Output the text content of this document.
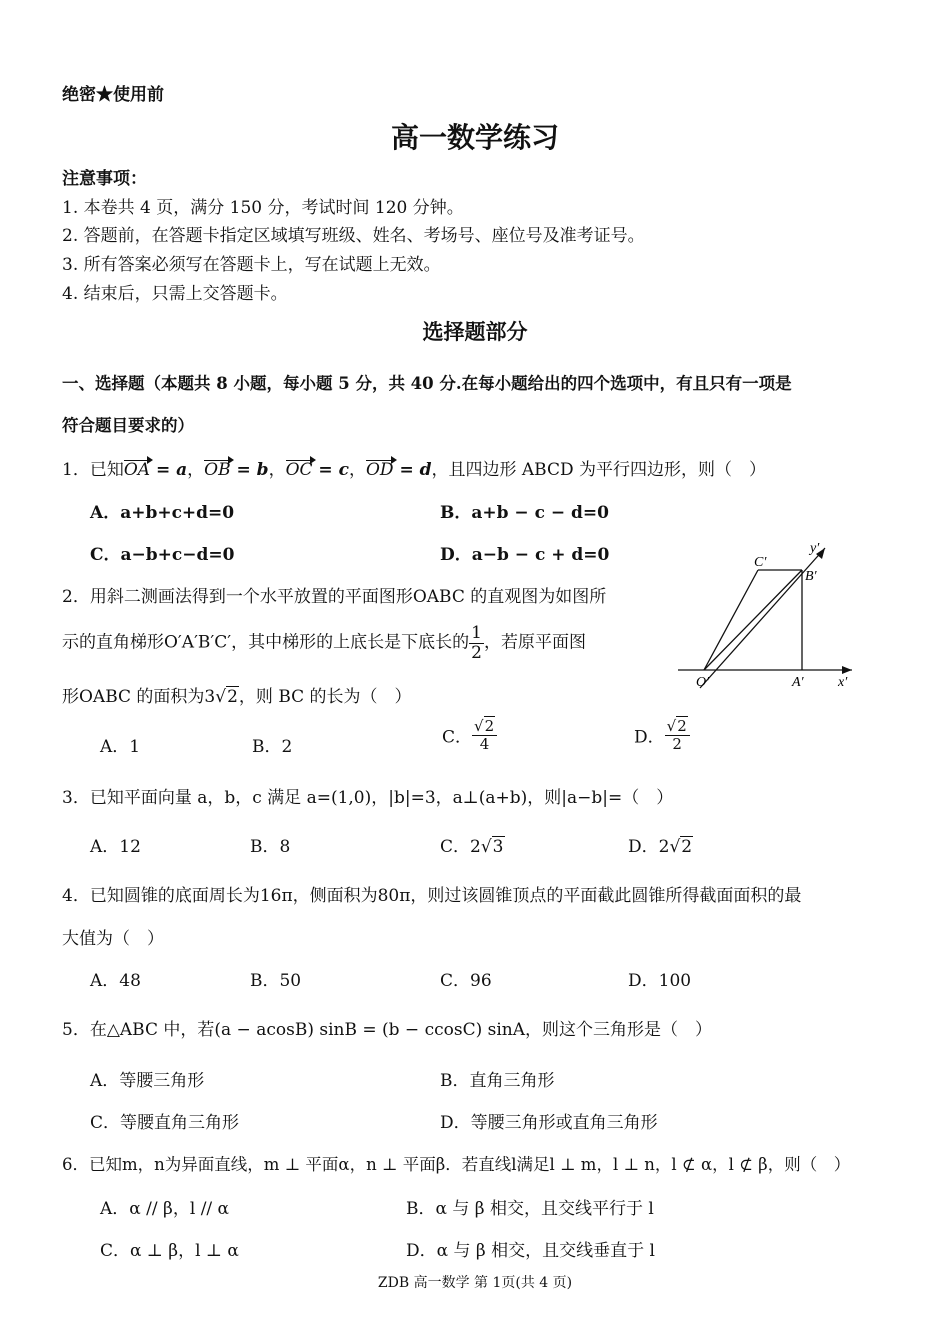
绝密★使用前
高一数学练习
注意事项：
1. 本卷共 4 页，满分 150 分，考试时间 120 分钟。
2. 答题前，在答题卡指定区域填写班级、姓名、考场号、座位号及准考证号。
3. 所有答案必须写在答题卡上，写在试题上无效。
4. 结束后，只需上交答题卡。
选择题部分
一、选择题（本题共 8 小题，每小题 5 分，共 40 分.在每小题给出的四个选项中，有且只有一项是
符合题目要求的）
1．已知OA = a，OB = b，OC = c，OD = d，且四边形 ABCD 为平行四边形，则（　）
A．a+b+c+d=0	B．a+b − c − d=0
C．a−b+c−d=0	D．a−b − c + d=0
2．用斜二测画法得到一个水平放置的平面图形OABC 的直观图为如图所
示的直角梯形O′A′B′C′，其中梯形的上底长是下底长的 $\frac{1}{2}$ ，若原平面图
形OABC 的面积为3√2，则 BC 的长为（　）
C′
B′
O′	A′ x′
y′
A．1	B．2	C． $\frac{√2}{4}$	D． $\frac{√2}{2}$
3．已知平面向量 a，b，c 满足 a=(1,0)，|b|=3，a⊥(a+b)，则|a−b|=（　）
A．12	B．8	C．2√3	D．2√2
4．已知圆锥的底面周长为16π，侧面积为80π，则过该圆锥顶点的平面截此圆锥所得截面面积的最
大值为（　）
A．48	B．50	C．96	D．100
5．在△ABC 中，若(a − acosB) sinB = (b − ccosC) sinA，则这个三角形是（　）
A．等腰三角形	B．直角三角形
C．等腰直角三角形	D．等腰三角形或直角三角形
6．已知m，n为异面直线，m ⊥ 平面α，n ⊥ 平面β．若直线l满足l ⊥ m，l ⊥ n，l ⊄ α，l ⊄ β，则（　）
A．α // β，l // α	B．α 与 β 相交，且交线平行于 l
C．α ⊥ β，l ⊥ α	D．α 与 β 相交，且交线垂直于 l
ZDB 高一数学 第 1页(共 4 页)
